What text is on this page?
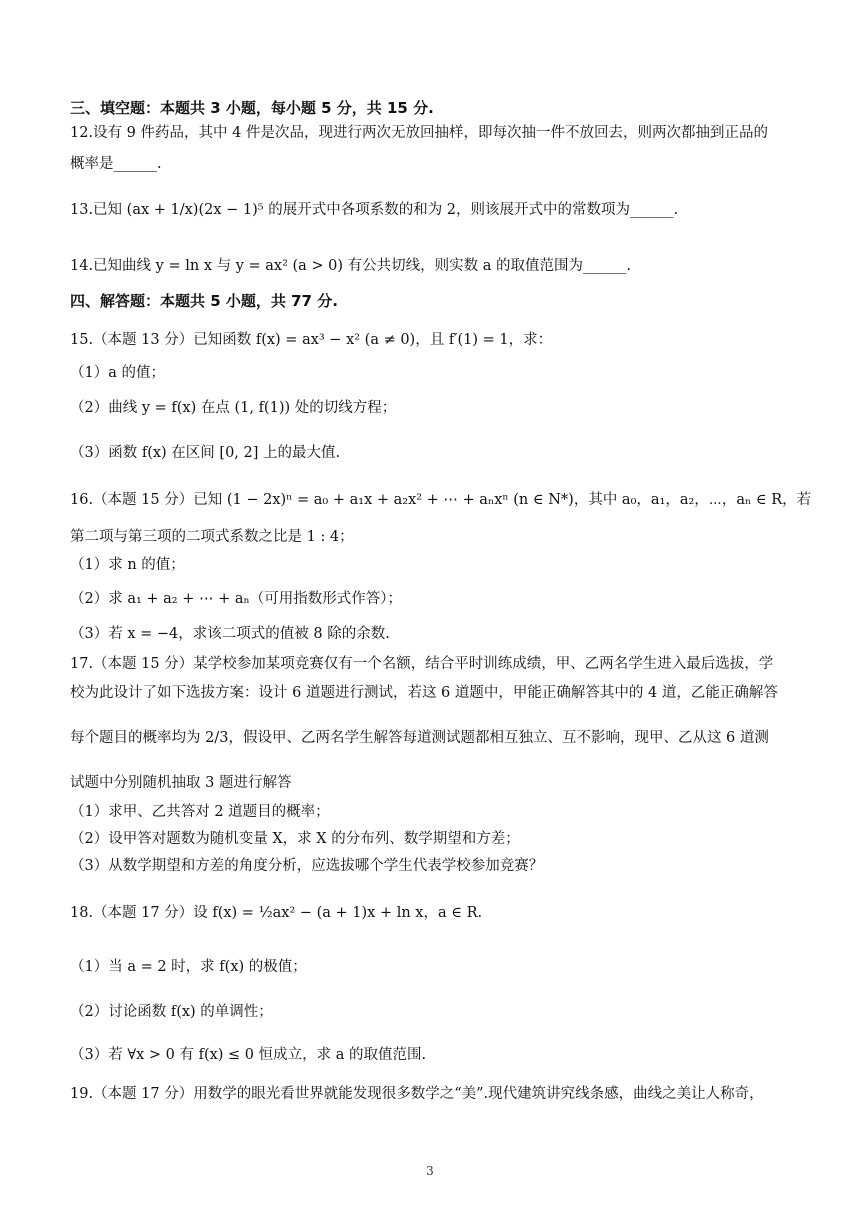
三、填空题：本题共 3 小题，每小题 5 分，共 15 分.
12.设有 9 件药品，其中 4 件是次品，现进行两次无放回抽样，即每次抽一件不放回去，则两次都抽到正品的
概率是______.
13.已知 (ax + 1/x)(2x − 1)⁵ 的展开式中各项系数的和为 2，则该展开式中的常数项为______.
14.已知曲线 y = ln x 与 y = ax² (a > 0) 有公共切线，则实数 a 的取值范围为______.
四、解答题：本题共 5 小题，共 77 分.
15.（本题 13 分）已知函数 f(x) = ax³ − x² (a ≠ 0)，且 f′(1) = 1，求：
（1）a 的值；
（2）曲线 y = f(x) 在点 (1, f(1)) 处的切线方程；
（3）函数 f(x) 在区间 [0, 2] 上的最大值.
16.（本题 15 分）已知 (1 − 2x)ⁿ = a₀ + a₁x + a₂x² + ⋯ + aₙxⁿ (n ∈ N*)，其中 a₀，a₁，a₂，⋯，aₙ ∈ R，若
第二项与第三项的二项式系数之比是 1 : 4；
（1）求 n 的值；
（2）求 a₁ + a₂ + ⋯ + aₙ（可用指数形式作答）；
（3）若 x = −4，求该二项式的值被 8 除的余数.
17.（本题 15 分）某学校参加某项竞赛仅有一个名额，结合平时训练成绩，甲、乙两名学生进入最后选拔，学
校为此设计了如下选拔方案：设计 6 道题进行测试，若这 6 道题中，甲能正确解答其中的 4 道，乙能正确解答
每个题目的概率均为 2/3，假设甲、乙两名学生解答每道测试题都相互独立、互不影响，现甲、乙从这 6 道测
试题中分别随机抽取 3 题进行解答
（1）求甲、乙共答对 2 道题目的概率；
（2）设甲答对题数为随机变量 X，求 X 的分布列、数学期望和方差；
（3）从数学期望和方差的角度分析，应选拔哪个学生代表学校参加竞赛？
18.（本题 17 分）设 f(x) = ½ax² − (a + 1)x + ln x，a ∈ R.
（1）当 a = 2 时，求 f(x) 的极值；
（2）讨论函数 f(x) 的单调性；
（3）若 ∀x > 0 有 f(x) ≤ 0 恒成立，求 a 的取值范围.
19.（本题 17 分）用数学的眼光看世界就能发现很多数学之“美”.现代建筑讲究线条感，曲线之美让人称奇，
3
